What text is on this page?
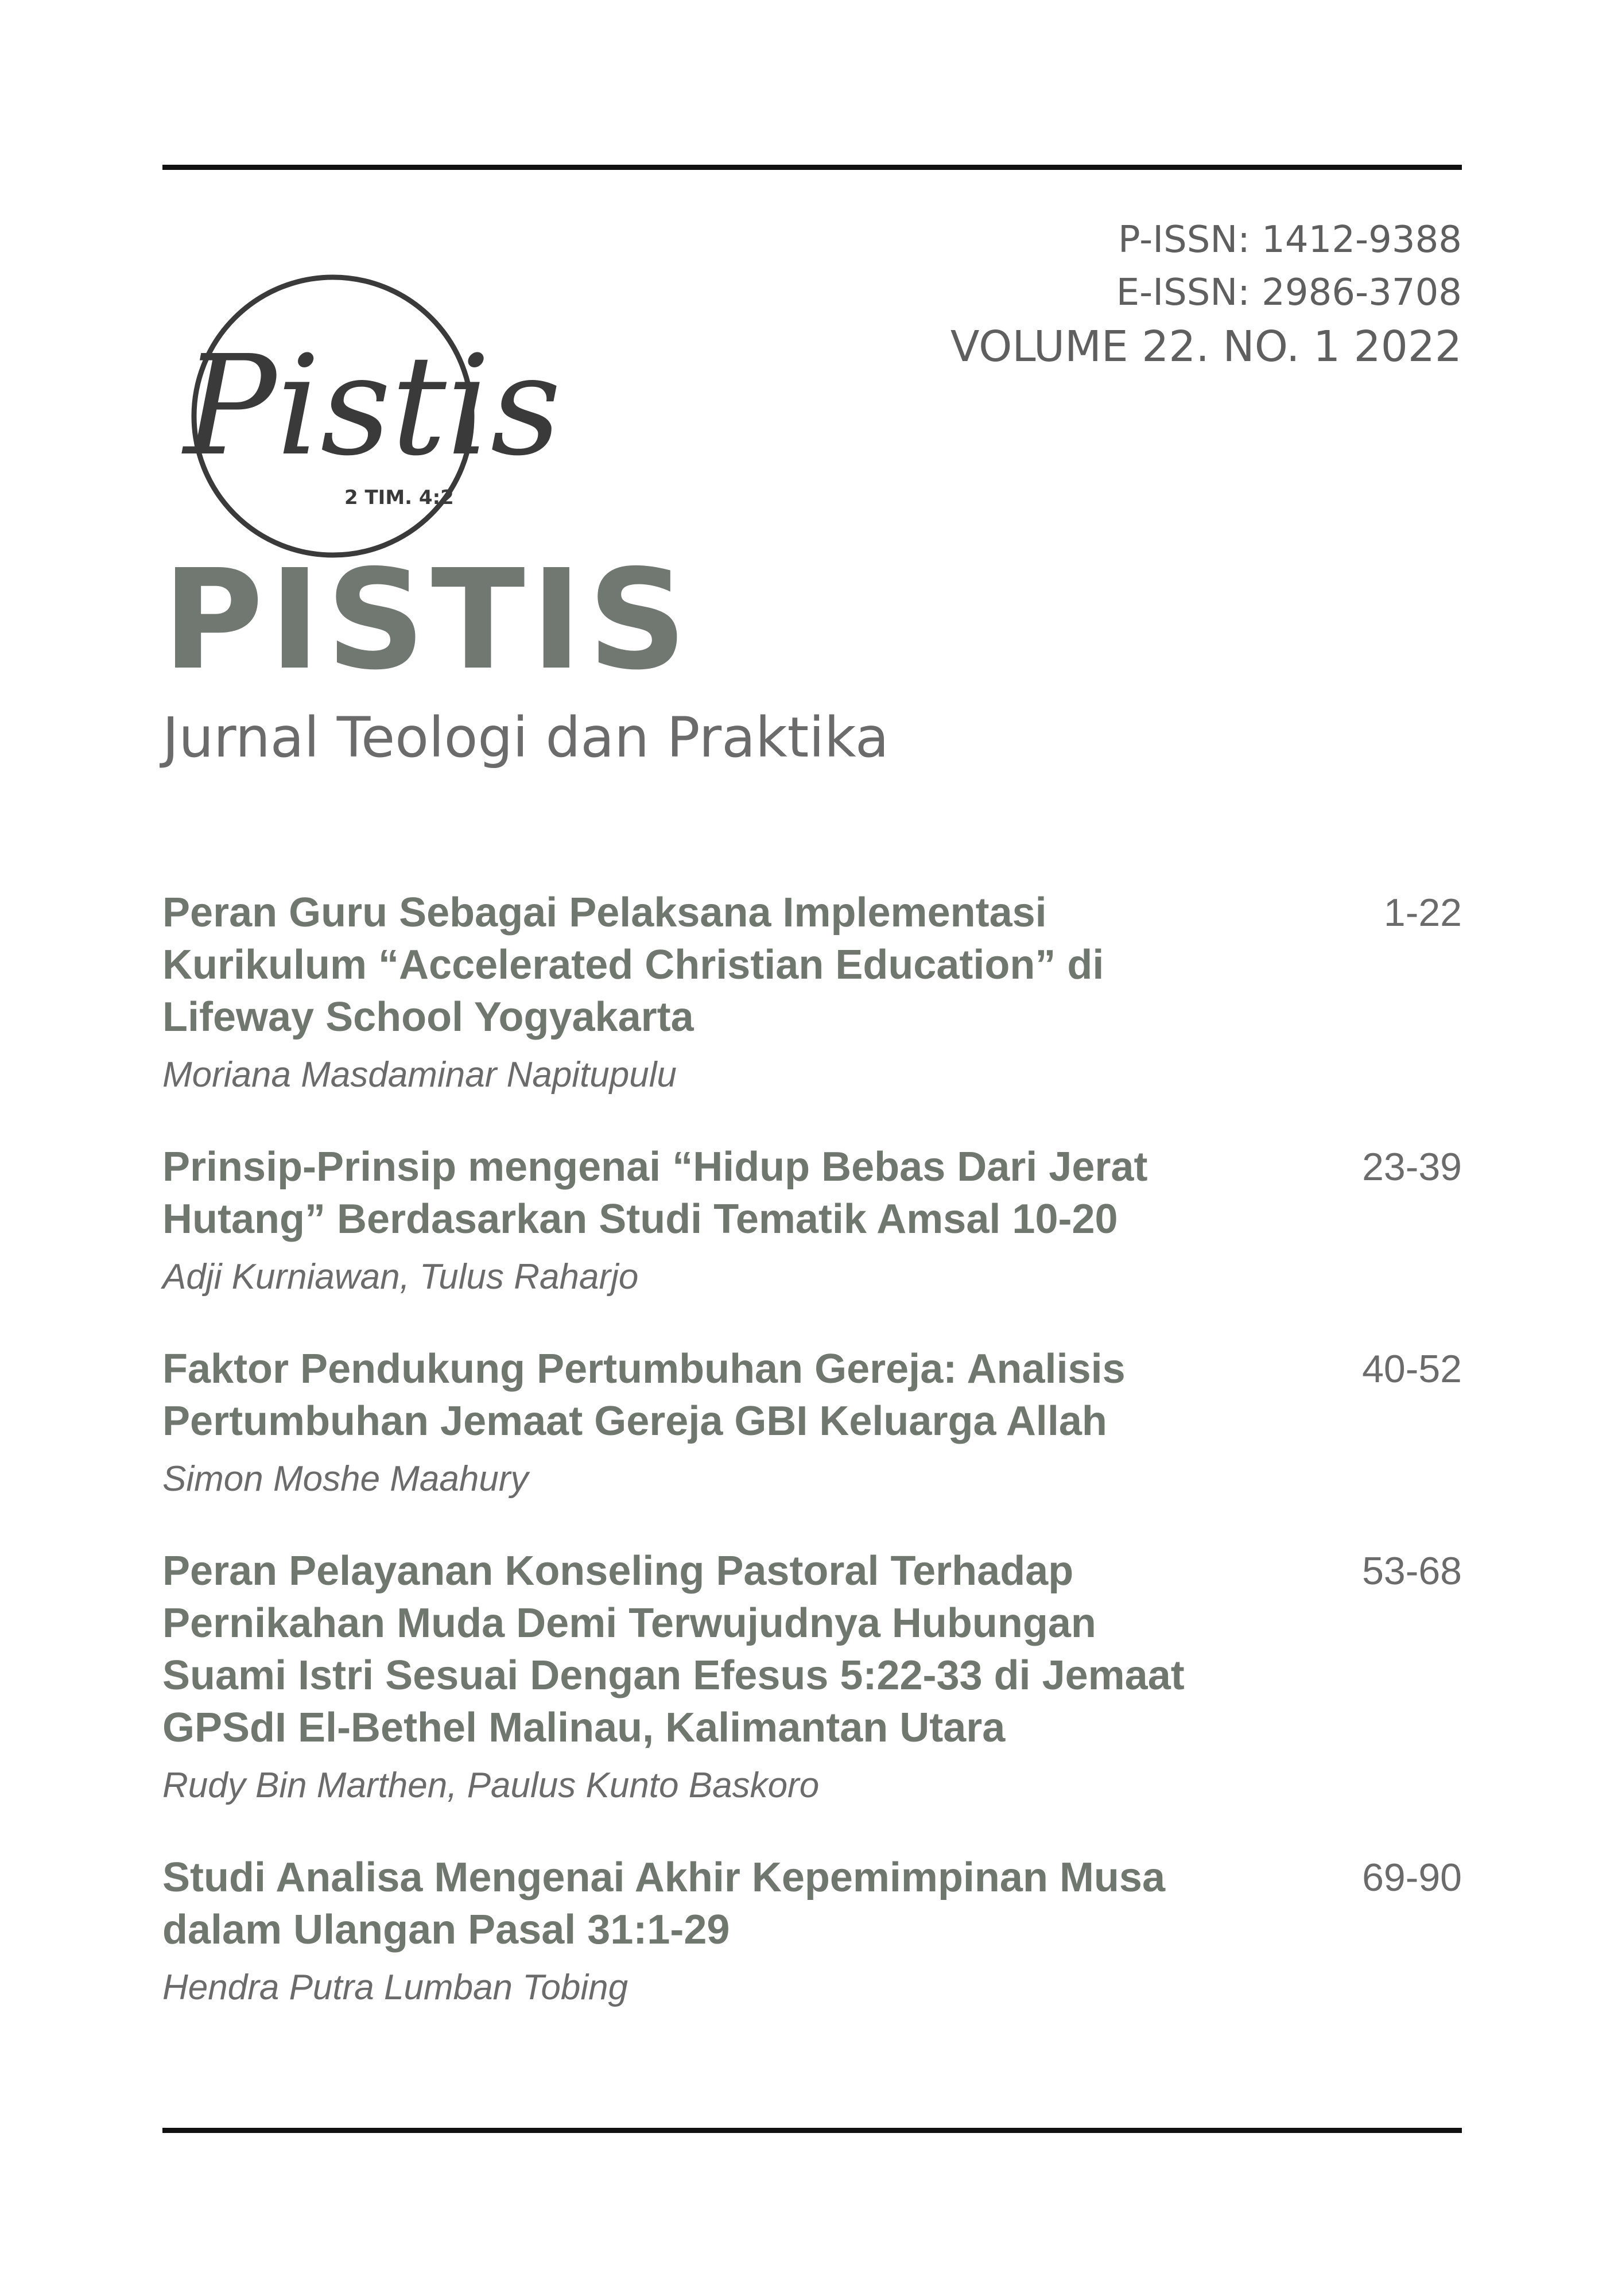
P-ISSN: 1412-9388
E-ISSN: 2986-3708
VOLUME 22. NO. 1 2022
Pistis
2 TIM. 4:2
PISTIS
Jurnal Teologi dan Praktika
Peran Guru Sebagai Pelaksana Implementasi Kurikulum “Accelerated Christian Education” di Lifeway School Yogyakarta
1-22
Moriana Masdaminar Napitupulu
Prinsip-Prinsip mengenai “Hidup Bebas Dari Jerat Hutang” Berdasarkan Studi Tematik Amsal 10-20
23-39
Adji Kurniawan, Tulus Raharjo
Faktor Pendukung Pertumbuhan Gereja: Analisis Pertumbuhan Jemaat Gereja GBI Keluarga Allah
40-52
Simon Moshe Maahury
Peran Pelayanan Konseling Pastoral Terhadap Pernikahan Muda Demi Terwujudnya Hubungan Suami Istri Sesuai Dengan Efesus 5:22-33 di Jemaat GPSdI El-Bethel Malinau, Kalimantan Utara
53-68
Rudy Bin Marthen, Paulus Kunto Baskoro
Studi Analisa Mengenai Akhir Kepemimpinan Musa dalam Ulangan Pasal 31:1-29
69-90
Hendra Putra Lumban Tobing
